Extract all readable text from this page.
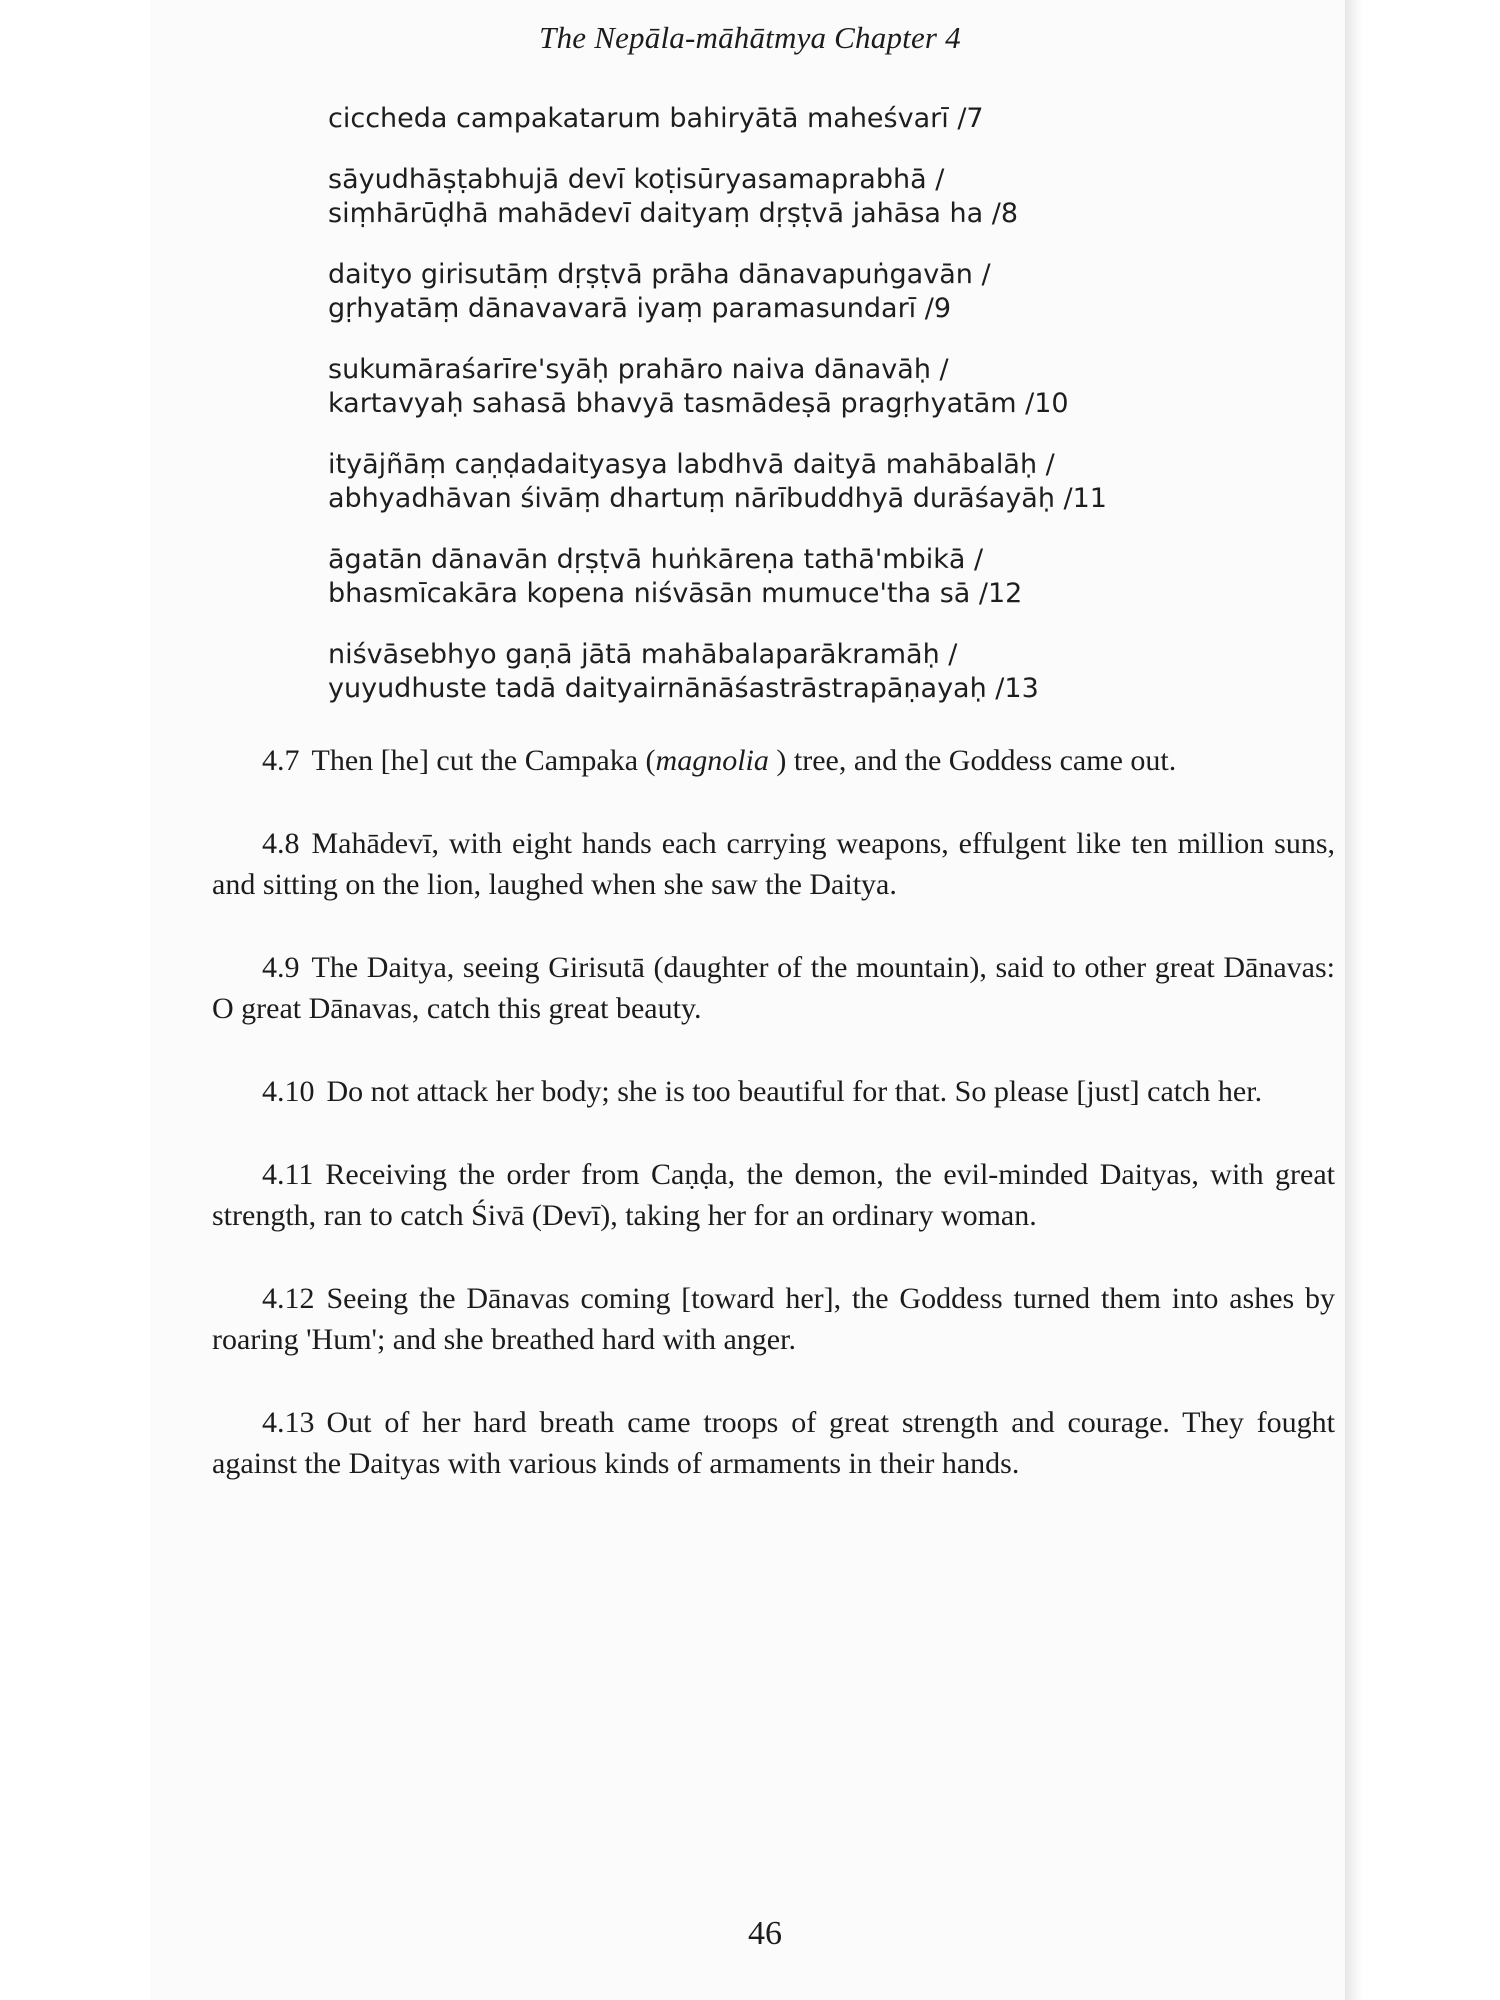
The Nepāla-māhātmya Chapter 4
ciccheda campakatarum bahiryātā maheśvarī /7
sāyudhāṣṭabhujā devī koṭisūryasamaprabhā /
siṃhārūḍhā mahādevī daityaṃ dṛṣṭvā jahāsa ha /8
daityo girisutāṃ dṛṣṭvā prāha dānavapuṅgavān /
gṛhyatāṃ dānavavarā iyaṃ paramasundarī /9
sukumāraśarīre'syāḥ prahāro naiva dānavāḥ /
kartavyaḥ sahasā bhavyā tasmādeṣā pragṛhyatām /10
ityājñāṃ caṇḍadaityasya labdhvā daityā mahābalāḥ /
abhyadhāvan śivāṃ dhartuṃ nārībuddhyā durāśayāḥ /11
āgatān dānavān dṛṣṭvā huṅkāreṇa tathā'mbikā /
bhasmīcakāra kopena niśvāsān mumuce'tha sā /12
niśvāsebhyo gaṇā jātā mahābalaparākramāḥ /
yuyudhuste tadā daityairnānāśastrāstrapāṇayaḥ /13

4.7 Then [he] cut the Campaka (magnolia ) tree, and the Goddess came out.

4.8 Mahādevī, with eight hands each carrying weapons, effulgent like ten million suns, and sitting on the lion, laughed when she saw the Daitya.

4.9 The Daitya, seeing Girisutā (daughter of the mountain), said to other great Dānavas: O great Dānavas, catch this great beauty.

4.10 Do not attack her body; she is too beautiful for that. So please [just] catch her.

4.11 Receiving the order from Caṇḍa, the demon, the evil-minded Daityas, with great strength, ran to catch Śivā (Devī), taking her for an ordinary woman.

4.12 Seeing the Dānavas coming [toward her], the Goddess turned them into ashes by roaring 'Hum'; and she breathed hard with anger.

4.13 Out of her hard breath came troops of great strength and courage. They fought against the Daityas with various kinds of armaments in their hands.

46
